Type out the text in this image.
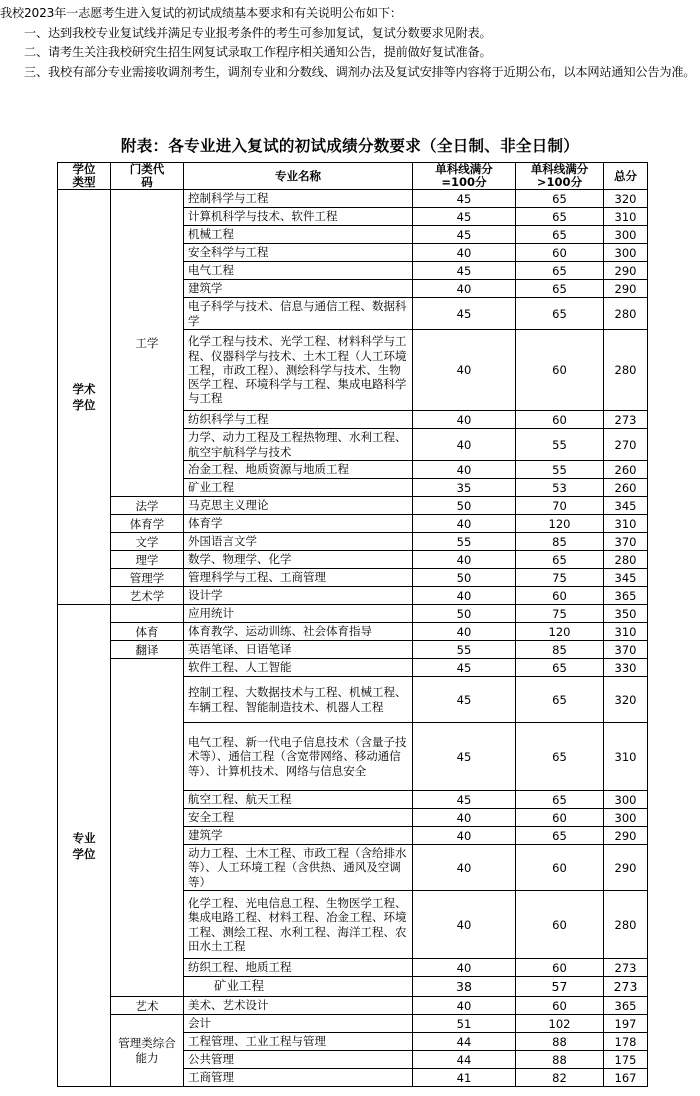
我校2023年一志愿考生进入复试的初试成绩基本要求和有关说明公布如下：

一、达到我校专业复试线并满足专业报考条件的考生可参加复试，复试分数要求见附表。

二、请考生关注我校研究生招生网复试录取工作程序相关通知公告，提前做好复试准备。

三、我校有部分专业需接收调剂考生，调剂专业和分数线、调剂办法及复试安排等内容将于近期公布，以本网站通知公告为准。

附表：各专业进入复试的初试成绩分数要求（全日制、非全日制）
学位类型	门类代码	专业名称	单科线满分=100分	单科线满分>100分	总分
学术学位	工学	控制科学与工程	45	65	320
		计算机科学与技术、软件工程	45	65	310
		机械工程	45	65	300
		安全科学与工程	40	60	300
		电气工程	45	65	290
		建筑学	40	65	290
		电子科学与技术、信息与通信工程、数据科学	45	65	280
		化学工程与技术、光学工程、材料科学与工程、仪器科学与技术、土木工程（人工环境工程，市政工程）、测绘科学与技术、生物医学工程、环境科学与工程、集成电路科学与工程	40	60	280
		纺织科学与工程	40	60	273
		力学、动力工程及工程热物理、水利工程、航空宇航科学与技术	40	55	270
		冶金工程、地质资源与地质工程	40	55	260
		矿业工程	35	53	260
	法学	马克思主义理论	50	70	345
	体育学	体育学	40	120	310
	文学	外国语言文学	55	85	370
	理学	数学、物理学、化学	40	65	280
	管理学	管理科学与工程、工商管理	50	75	345
	艺术学	设计学	40	60	365
专业学位		应用统计	50	75	350
	体育	体育教学、运动训练、社会体育指导	40	120	310
	翻译	英语笔译、日语笔译	55	85	370
		软件工程、人工智能	45	65	330
		控制工程、大数据技术与工程、机械工程、车辆工程、智能制造技术、机器人工程	45	65	320
		电气工程、新一代电子信息技术（含量子技术等）、通信工程（含宽带网络、移动通信等）、计算机技术、网络与信息安全	45	65	310
		航空工程、航天工程	45	65	300
		安全工程	40	60	300
		建筑学	40	65	290
		动力工程、土木工程、市政工程（含给排水等）、人工环境工程（含供热、通风及空调等）	40	60	290
		化学工程、光电信息工程、生物医学工程、集成电路工程、材料工程、冶金工程、环境工程、测绘工程、水利工程、海洋工程、农田水土工程	40	60	280
		纺织工程、地质工程	40	60	273
		矿业工程	38	57	273
	艺术	美术、艺术设计	40	60	365
	管理类综合能力	会计	51	102	197
		工程管理、工业工程与管理	44	88	178
		公共管理	44	88	175
		工商管理	41	82	167
